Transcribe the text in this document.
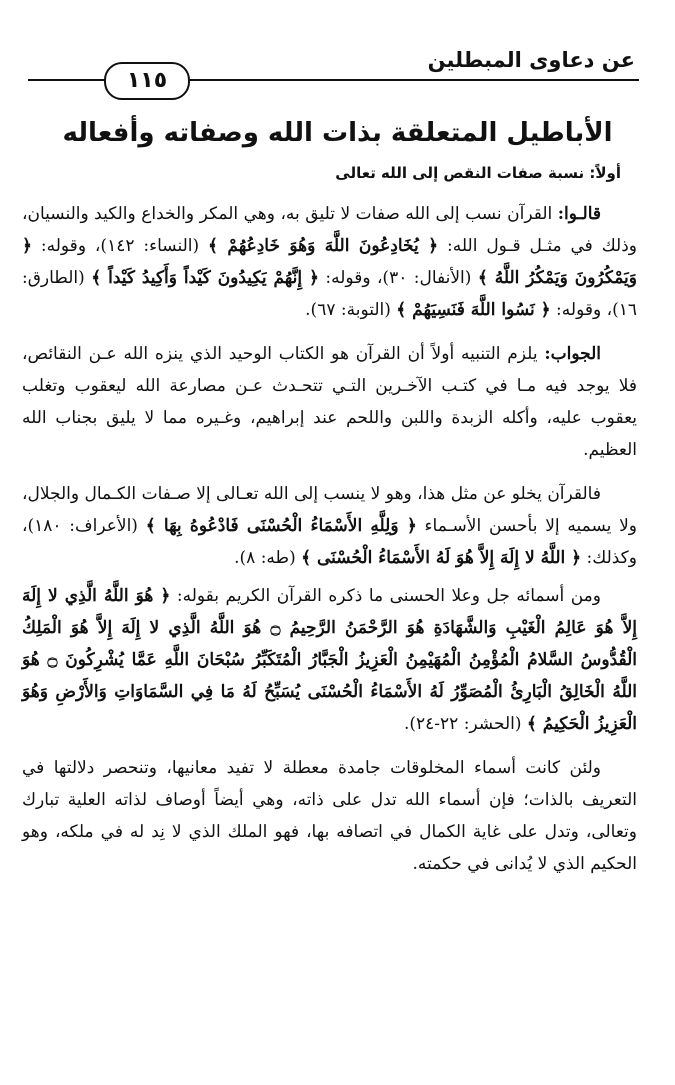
عن دعاوى المبطلين
١١٥
الأباطيل المتعلقة بذات الله وصفاته وأفعاله
أولاً: نسبة صفات النقص إلى الله تعالى

قالـوا: القرآن نسب إلى الله صفات لا تليق به، وهي المكر والخداع والكيد والنسيان، وذلك في مثـل قـول الله: ﴿ يُخَادِعُونَ اللَّهَ وَهُوَ خَادِعُهُمْ ﴾ (النساء: ١٤٢)، وقوله: ﴿ وَيَمْكُرُونَ وَيَمْكُرُ اللَّهُ ﴾ (الأنفال: ٣٠)، وقوله: ﴿ إِنَّهُمْ يَكِيدُونَ كَيْداً وَأَكِيدُ كَيْداً ﴾ (الطارق: ١٦)، وقوله: ﴿ نَسُوا اللَّهَ فَنَسِيَهُمْ ﴾ (التوبة: ٦٧).

الجواب: يلزم التنبيه أولاً أن القرآن هو الكتاب الوحيد الذي ينزه الله عـن النقائص، فلا يوجد فيه مـا في كتـب الآخـرين التـي تتحـدث عـن مصارعة الله ليعقوب وتغلب يعقوب عليه، وأكله الزبدة واللبن واللحم عند إبراهيم، وغـيره مما لا يليق بجناب الله العظيم.

فالقرآن يخلو عن مثل هذا، وهو لا ينسب إلى الله تعـالى إلا صـفات الكـمال والجلال، ولا يسميه إلا بأحسن الأسـماء ﴿ وَلِلَّهِ الأَسْمَاءُ الْحُسْنَى فَادْعُوهُ بِهَا ﴾ (الأعراف: ١٨٠)، وكذلك: ﴿ اللَّهُ لا إِلَهَ إِلاَّ هُوَ لَهُ الأَسْمَاءُ الْحُسْنَى ﴾ (طه: ٨).

ومن أسمائه جل وعلا الحسنى ما ذكره القرآن الكريم بقوله: ﴿ هُوَ اللَّهُ الَّذِي لا إِلَهَ إِلاَّ هُوَ عَالِمُ الْغَيْبِ وَالشَّهَادَةِ هُوَ الرَّحْمَنُ الرَّحِيمُ ۝ هُوَ اللَّهُ الَّذِي لا إِلَهَ إِلاَّ هُوَ الْمَلِكُ الْقُدُّوسُ السَّلامُ الْمُؤْمِنُ الْمُهَيْمِنُ الْعَزِيزُ الْجَبَّارُ الْمُتَكَبِّرُ سُبْحَانَ اللَّهِ عَمَّا يُشْرِكُونَ ۝ هُوَ اللَّهُ الْخَالِقُ الْبَارِئُ الْمُصَوِّرُ لَهُ الأَسْمَاءُ الْحُسْنَى يُسَبِّحُ لَهُ مَا فِي السَّمَاوَاتِ وَالأَرْضِ وَهُوَ الْعَزِيزُ الْحَكِيمُ ﴾ (الحشر: ٢٢-٢٤).

ولئن كانت أسماء المخلوقات جامدة معطلة لا تفيد معانيها، وتنحصر دلالتها في التعريف بالذات؛ فإن أسماء الله تدل على ذاته، وهي أيضاً أوصاف لذاته العلية تبارك وتعالى، وتدل على غاية الكمال في اتصافه بها، فهو الملك الذي لا نِد له في ملكه، وهو الحكيم الذي لا يُدانى في حكمته.
